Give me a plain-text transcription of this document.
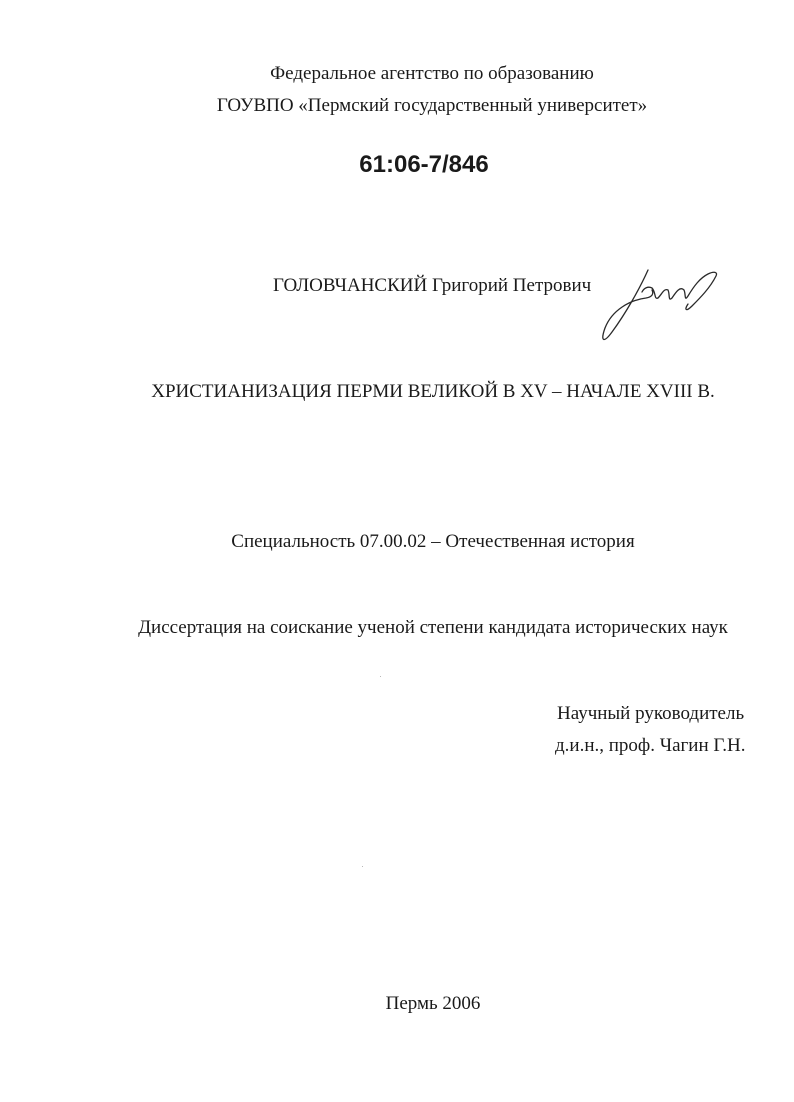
Федеральное агентство по образованию
ГОУВПО «Пермский государственный университет»
61:06-7/846
ГОЛОВЧАНСКИЙ Григорий Петрович
ХРИСТИАНИЗАЦИЯ ПЕРМИ ВЕЛИКОЙ В XV – НАЧАЛЕ XVIII В.
Специальность 07.00.02 – Отечественная история
Диссертация на соискание ученой степени кандидата исторических наук
Научный руководитель
д.и.н., проф. Чагин Г.Н.
Пермь 2006
